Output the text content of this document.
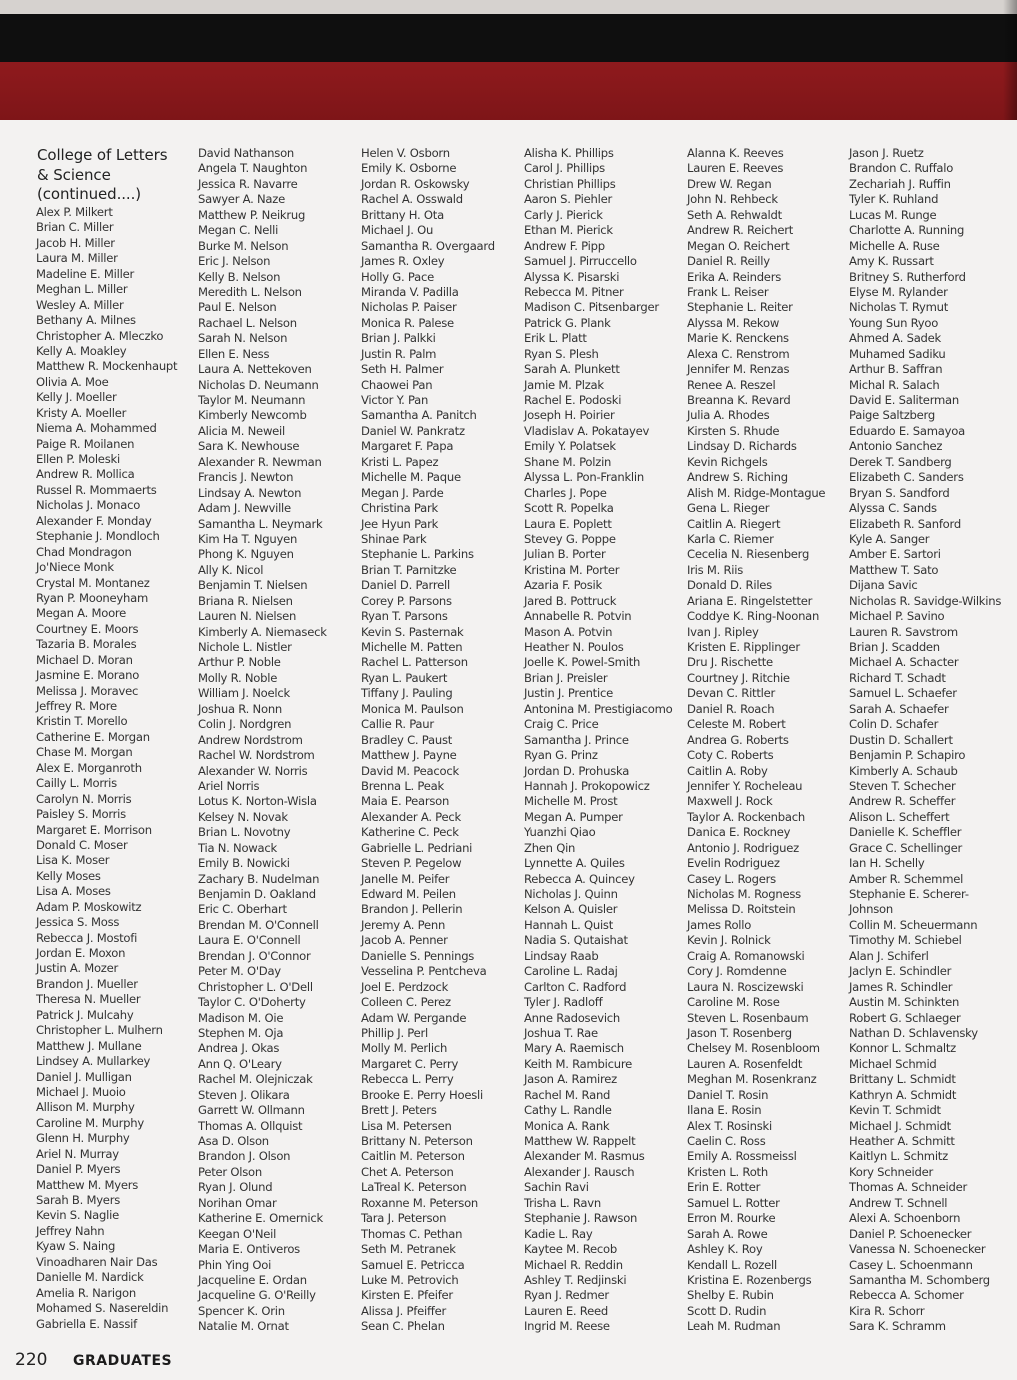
College of Letters
& Science
(continued....)
Alex P. Milkert
Brian C. Miller
Jacob H. Miller
Laura M. Miller
Madeline E. Miller
Meghan L. Miller
Wesley A. Miller
Bethany A. Milnes
Christopher A. Mleczko
Kelly A. Moakley
Matthew R. Mockenhaupt
Olivia A. Moe
Kelly J. Moeller
Kristy A. Moeller
Niema A. Mohammed
Paige R. Moilanen
Ellen P. Moleski
Andrew R. Mollica
Russel R. Mommaerts
Nicholas J. Monaco
Alexander F. Monday
Stephanie J. Mondloch
Chad Mondragon
Jo'Niece Monk
Crystal M. Montanez
Ryan P. Mooneyham
Megan A. Moore
Courtney E. Moors
Tazaria B. Morales
Michael D. Moran
Jasmine E. Morano
Melissa J. Moravec
Jeffrey R. More
Kristin T. Morello
Catherine E. Morgan
Chase M. Morgan
Alex E. Morganroth
Cailly L. Morris
Carolyn N. Morris
Paisley S. Morris
Margaret E. Morrison
Donald C. Moser
Lisa K. Moser
Kelly Moses
Lisa A. Moses
Adam P. Moskowitz
Jessica S. Moss
Rebecca J. Mostofi
Jordan E. Moxon
Justin A. Mozer
Brandon J. Mueller
Theresa N. Mueller
Patrick J. Mulcahy
Christopher L. Mulhern
Matthew J. Mullane
Lindsey A. Mullarkey
Daniel J. Mulligan
Michael J. Muoio
Allison M. Murphy
Caroline M. Murphy
Glenn H. Murphy
Ariel N. Murray
Daniel P. Myers
Matthew M. Myers
Sarah B. Myers
Kevin S. Naglie
Jeffrey Nahn
Kyaw S. Naing
Vinoadharen Nair Das
Danielle M. Nardick
Amelia R. Narigon
Mohamed S. Nasereldin
Gabriella E. Nassif
David Nathanson
Angela T. Naughton
Jessica R. Navarre
Sawyer A. Naze
Matthew P. Neikrug
Megan C. Nelli
Burke M. Nelson
Eric J. Nelson
Kelly B. Nelson
Meredith L. Nelson
Paul E. Nelson
Rachael L. Nelson
Sarah N. Nelson
Ellen E. Ness
Laura A. Nettekoven
Nicholas D. Neumann
Taylor M. Neumann
Kimberly Newcomb
Alicia M. Neweil
Sara K. Newhouse
Alexander R. Newman
Francis J. Newton
Lindsay A. Newton
Adam J. Newville
Samantha L. Neymark
Kim Ha T. Nguyen
Phong K. Nguyen
Ally K. Nicol
Benjamin T. Nielsen
Briana R. Nielsen
Lauren N. Nielsen
Kimberly A. Niemaseck
Nichole L. Nistler
Arthur P. Noble
Molly R. Noble
William J. Noelck
Joshua R. Nonn
Colin J. Nordgren
Andrew Nordstrom
Rachel W. Nordstrom
Alexander W. Norris
Ariel Norris
Lotus K. Norton-Wisla
Kelsey N. Novak
Brian L. Novotny
Tia N. Nowack
Emily B. Nowicki
Zachary B. Nudelman
Benjamin D. Oakland
Eric C. Oberhart
Brendan M. O'Connell
Laura E. O'Connell
Brendan J. O'Connor
Peter M. O'Day
Christopher L. O'Dell
Taylor C. O'Doherty
Madison M. Oie
Stephen M. Oja
Andrea J. Okas
Ann Q. O'Leary
Rachel M. Olejniczak
Steven J. Olikara
Garrett W. Ollmann
Thomas A. Ollquist
Asa D. Olson
Brandon J. Olson
Peter Olson
Ryan J. Olund
Norihan Omar
Katherine E. Omernick
Keegan O'Neil
Maria E. Ontiveros
Phin Ying Ooi
Jacqueline E. Ordan
Jacqueline G. O'Reilly
Spencer K. Orin
Natalie M. Ornat
Helen V. Osborn
Emily K. Osborne
Jordan R. Oskowsky
Rachel A. Osswald
Brittany H. Ota
Michael J. Ou
Samantha R. Overgaard
James R. Oxley
Holly G. Pace
Miranda V. Padilla
Nicholas P. Paiser
Monica R. Palese
Brian J. Palkki
Justin R. Palm
Seth H. Palmer
Chaowei Pan
Victor Y. Pan
Samantha A. Panitch
Daniel W. Pankratz
Margaret F. Papa
Kristi L. Papez
Michelle M. Paque
Megan J. Parde
Christina Park
Jee Hyun Park
Shinae Park
Stephanie L. Parkins
Brian T. Parnitzke
Daniel D. Parrell
Corey P. Parsons
Ryan T. Parsons
Kevin S. Pasternak
Michelle M. Patten
Rachel L. Patterson
Ryan L. Paukert
Tiffany J. Pauling
Monica M. Paulson
Callie R. Paur
Bradley C. Paust
Matthew J. Payne
David M. Peacock
Brenna L. Peak
Maia E. Pearson
Alexander A. Peck
Katherine C. Peck
Gabrielle L. Pedriani
Steven P. Pegelow
Janelle M. Peifer
Edward M. Peilen
Brandon J. Pellerin
Jeremy A. Penn
Jacob A. Penner
Danielle S. Pennings
Vesselina P. Pentcheva
Joel E. Perdzock
Colleen C. Perez
Adam W. Pergande
Phillip J. Perl
Molly M. Perlich
Margaret C. Perry
Rebecca L. Perry
Brooke E. Perry Hoesli
Brett J. Peters
Lisa M. Petersen
Brittany N. Peterson
Caitlin M. Peterson
Chet A. Peterson
LaTreal K. Peterson
Roxanne M. Peterson
Tara J. Peterson
Thomas C. Pethan
Seth M. Petranek
Samuel E. Petricca
Luke M. Petrovich
Kirsten E. Pfeifer
Alissa J. Pfeiffer
Sean C. Phelan
Alisha K. Phillips
Carol J. Phillips
Christian Phillips
Aaron S. Piehler
Carly J. Pierick
Ethan M. Pierick
Andrew F. Pipp
Samuel J. Pirruccello
Alyssa K. Pisarski
Rebecca M. Pitner
Madison C. Pitsenbarger
Patrick G. Plank
Erik L. Platt
Ryan S. Plesh
Sarah A. Plunkett
Jamie M. Plzak
Rachel E. Podoski
Joseph H. Poirier
Vladislav A. Pokatayev
Emily Y. Polatsek
Shane M. Polzin
Alyssa L. Pon-Franklin
Charles J. Pope
Scott R. Popelka
Laura E. Poplett
Stevey G. Poppe
Julian B. Porter
Kristina M. Porter
Azaria F. Posik
Jared B. Pottruck
Annabelle R. Potvin
Mason A. Potvin
Heather N. Poulos
Joelle K. Powel-Smith
Brian J. Preisler
Justin J. Prentice
Antonina M. Prestigiacomo
Craig C. Price
Samantha J. Prince
Ryan G. Prinz
Jordan D. Prohuska
Hannah J. Prokopowicz
Michelle M. Prost
Megan A. Pumper
Yuanzhi Qiao
Zhen Qin
Lynnette A. Quiles
Rebecca A. Quincey
Nicholas J. Quinn
Kelson A. Quisler
Hannah L. Quist
Nadia S. Qutaishat
Lindsay Raab
Caroline L. Radaj
Carlton C. Radford
Tyler J. Radloff
Anne Radosevich
Joshua T. Rae
Mary A. Raemisch
Keith M. Rambicure
Jason A. Ramirez
Rachel M. Rand
Cathy L. Randle
Monica A. Rank
Matthew W. Rappelt
Alexander M. Rasmus
Alexander J. Rausch
Sachin Ravi
Trisha L. Ravn
Stephanie J. Rawson
Kadie L. Ray
Kaytee M. Recob
Michael R. Reddin
Ashley T. Redjinski
Ryan J. Redmer
Lauren E. Reed
Ingrid M. Reese
Alanna K. Reeves
Lauren E. Reeves
Drew W. Regan
John N. Rehbeck
Seth A. Rehwaldt
Andrew R. Reichert
Megan O. Reichert
Daniel R. Reilly
Erika A. Reinders
Frank L. Reiser
Stephanie L. Reiter
Alyssa M. Rekow
Marie K. Renckens
Alexa C. Renstrom
Jennifer M. Renzas
Renee A. Reszel
Breanna K. Revard
Julia A. Rhodes
Kirsten S. Rhude
Lindsay D. Richards
Kevin Richgels
Andrew S. Riching
Alish M. Ridge-Montague
Gena L. Rieger
Caitlin A. Riegert
Karla C. Riemer
Cecelia N. Riesenberg
Iris M. Riis
Donald D. Riles
Ariana E. Ringelstetter
Coddye K. Ring-Noonan
Ivan J. Ripley
Kristen E. Ripplinger
Dru J. Rischette
Courtney J. Ritchie
Devan C. Rittler
Daniel R. Roach
Celeste M. Robert
Andrea G. Roberts
Coty C. Roberts
Caitlin A. Roby
Jennifer Y. Rocheleau
Maxwell J. Rock
Taylor A. Rockenbach
Danica E. Rockney
Antonio J. Rodriguez
Evelin Rodriguez
Casey L. Rogers
Nicholas M. Rogness
Melissa D. Roitstein
James Rollo
Kevin J. Rolnick
Craig A. Romanowski
Cory J. Romdenne
Laura N. Roscizewski
Caroline M. Rose
Steven L. Rosenbaum
Jason T. Rosenberg
Chelsey M. Rosenbloom
Lauren A. Rosenfeldt
Meghan M. Rosenkranz
Daniel T. Rosin
Ilana E. Rosin
Alex T. Rosinski
Caelin C. Ross
Emily A. Rossmeissl
Kristen L. Roth
Erin E. Rotter
Samuel L. Rotter
Erron M. Rourke
Sarah A. Rowe
Ashley K. Roy
Kendall L. Rozell
Kristina E. Rozenbergs
Shelby E. Rubin
Scott D. Rudin
Leah M. Rudman
Jason J. Ruetz
Brandon C. Ruffalo
Zechariah J. Ruffin
Tyler K. Ruhland
Lucas M. Runge
Charlotte A. Running
Michelle A. Ruse
Amy K. Russart
Britney S. Rutherford
Elyse M. Rylander
Nicholas T. Rymut
Young Sun Ryoo
Ahmed A. Sadek
Muhamed Sadiku
Arthur B. Saffran
Michal R. Salach
David E. Saliterman
Paige Saltzberg
Eduardo E. Samayoa
Antonio Sanchez
Derek T. Sandberg
Elizabeth C. Sanders
Bryan S. Sandford
Alyssa C. Sands
Elizabeth R. Sanford
Kyle A. Sanger
Amber E. Sartori
Matthew T. Sato
Dijana Savic
Nicholas R. Savidge-Wilkins
Michael P. Savino
Lauren R. Savstrom
Brian J. Scadden
Michael A. Schacter
Richard T. Schadt
Samuel L. Schaefer
Sarah A. Schaefer
Colin D. Schafer
Dustin D. Schallert
Benjamin P. Schapiro
Kimberly A. Schaub
Steven T. Schecher
Andrew R. Scheffer
Alison L. Scheffert
Danielle K. Scheffler
Grace C. Schellinger
Ian H. Schelly
Amber R. Schemmel
Stephanie E. Scherer-
Johnson
Collin M. Scheuermann
Timothy M. Schiebel
Alan J. Schiferl
Jaclyn E. Schindler
James R. Schindler
Austin M. Schinkten
Robert G. Schlaeger
Nathan D. Schlavensky
Konnor L. Schmaltz
Michael Schmid
Brittany L. Schmidt
Kathryn A. Schmidt
Kevin T. Schmidt
Michael J. Schmidt
Heather A. Schmitt
Kaitlyn L. Schmitz
Kory Schneider
Thomas A. Schneider
Andrew T. Schnell
Alexi A. Schoenborn
Daniel P. Schoenecker
Vanessa N. Schoenecker
Casey L. Schoenmann
Samantha M. Schomberg
Rebecca A. Schomer
Kira R. Schorr
Sara K. Schramm
220 GRADUATES
